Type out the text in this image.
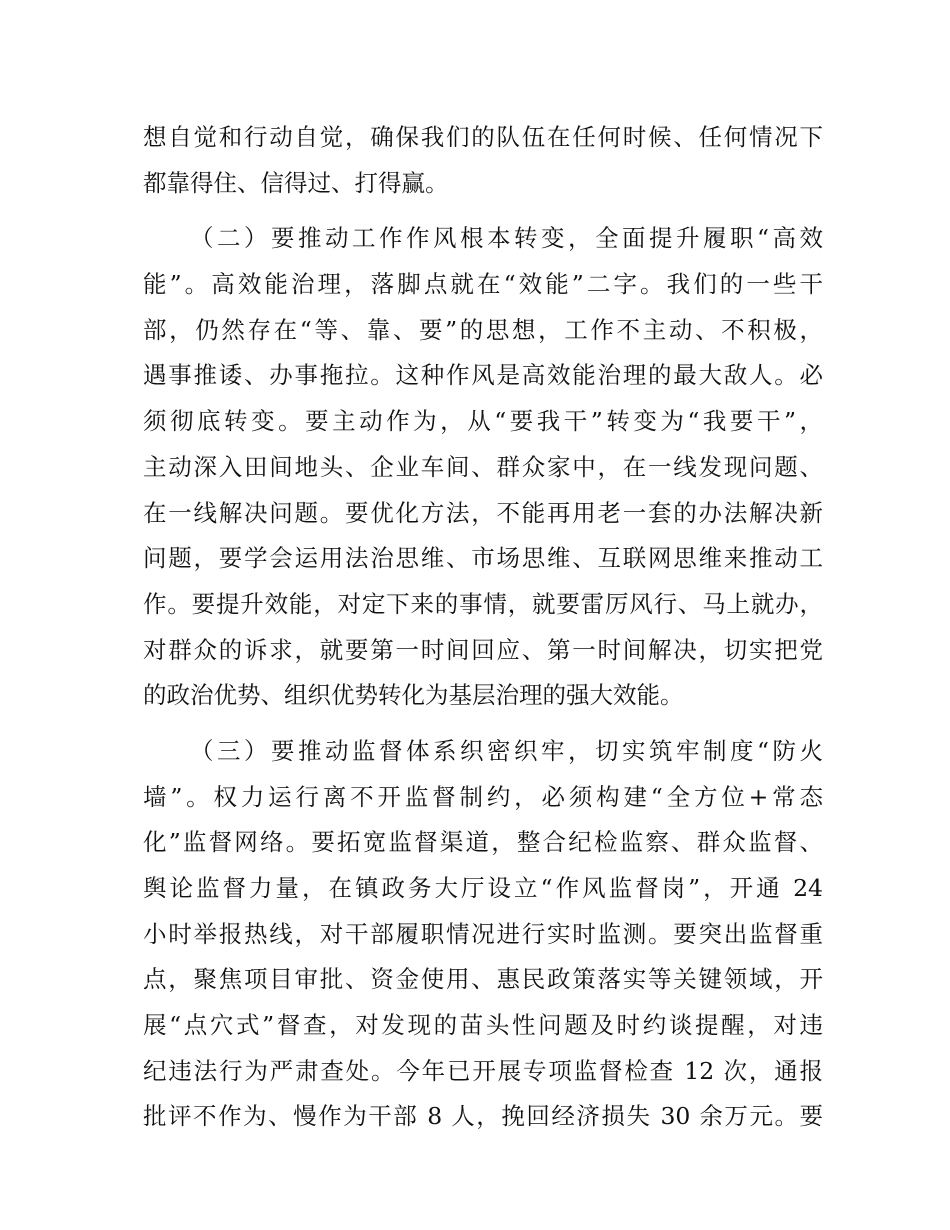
想自觉和行动自觉，确保我们的队伍在任何时候、任何情况下
都靠得住、信得过、打得赢。
（二）要推动工作作风根本转变，全面提升履职“高效
能”。高效能治理，落脚点就在“效能”二字。我们的一些干
部，仍然存在“等、靠、要”的思想，工作不主动、不积极，
遇事推诿、办事拖拉。这种作风是高效能治理的最大敌人。必
须彻底转变。要主动作为，从“要我干”转变为“我要干”，
主动深入田间地头、企业车间、群众家中，在一线发现问题、
在一线解决问题。要优化方法，不能再用老一套的办法解决新
问题，要学会运用法治思维、市场思维、互联网思维来推动工
作。要提升效能，对定下来的事情，就要雷厉风行、马上就办，
对群众的诉求，就要第一时间回应、第一时间解决，切实把党
的政治优势、组织优势转化为基层治理的强大效能。
（三）要推动监督体系织密织牢，切实筑牢制度“防火
墙”。权力运行离不开监督制约，必须构建“全方位+常态
化”监督网络。要拓宽监督渠道，整合纪检监察、群众监督、
舆论监督力量，在镇政务大厅设立“作风监督岗”，开通 24
小时举报热线，对干部履职情况进行实时监测。要突出监督重
点，聚焦项目审批、资金使用、惠民政策落实等关键领域，开
展“点穴式”督查，对发现的苗头性问题及时约谈提醒，对违
纪违法行为严肃查处。今年已开展专项监督检查 12 次，通报
批评不作为、慢作为干部 8 人，挽回经济损失 30 余万元。要
